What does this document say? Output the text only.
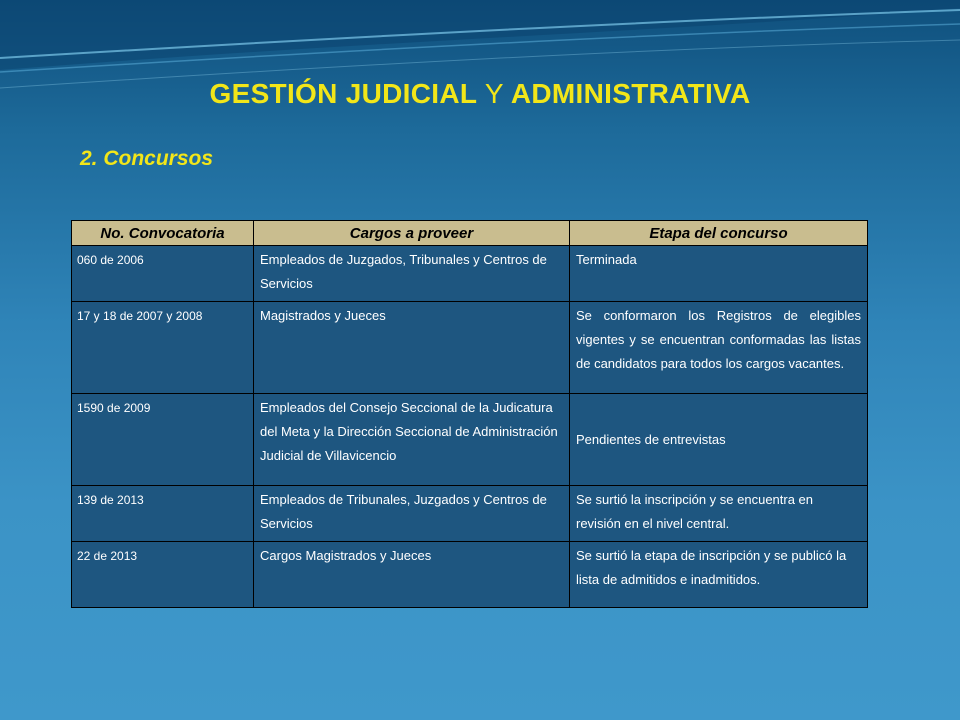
GESTIÓN JUDICIAL Y ADMINISTRATIVA
2. Concursos
No. Convocatoria	Cargos a proveer	Etapa del concurso
060 de 2006	Empleados de Juzgados, Tribunales y Centros de Servicios	Terminada
17 y 18 de 2007 y 2008	Magistrados y Jueces	Se conformaron los Registros de elegibles vigentes y se encuentran conformadas las listas de candidatos para todos los cargos vacantes.
1590 de 2009	Empleados del Consejo Seccional de la Judicatura del Meta y la Dirección Seccional de Administración Judicial de Villavicencio	Pendientes de entrevistas
139 de 2013	Empleados de Tribunales, Juzgados y Centros de Servicios	Se surtió la inscripción y se encuentra en revisión en el nivel central.
22 de 2013	Cargos Magistrados y Jueces	Se surtió la etapa de inscripción y se publicó la lista de admitidos e inadmitidos.
